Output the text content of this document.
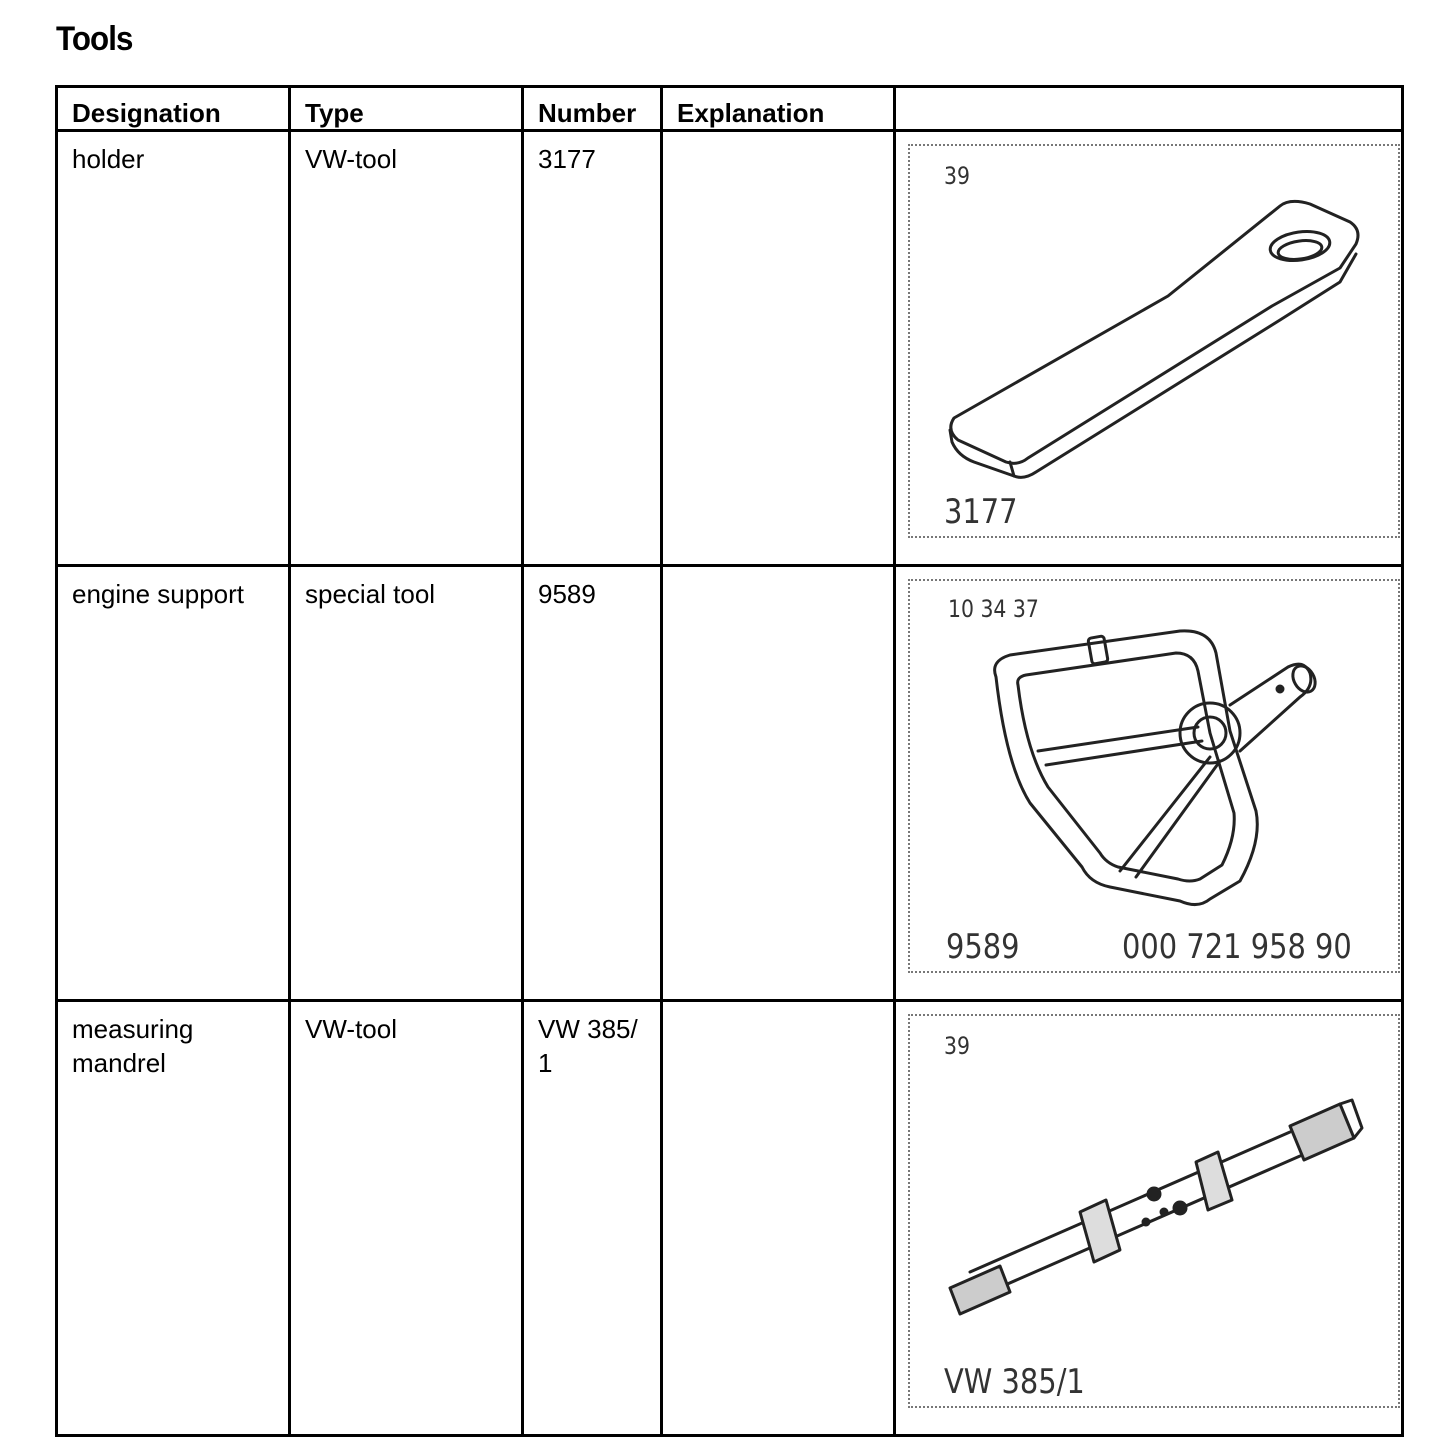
Tools
Designation	Type	Number	Explanation	
holder	VW-tool	3177		39
3177

engine support	special tool	9589		10 34 37
9589 000 721 958 90

measuring mandrel	VW-tool	VW 385/ 1		39
VW 385/1
